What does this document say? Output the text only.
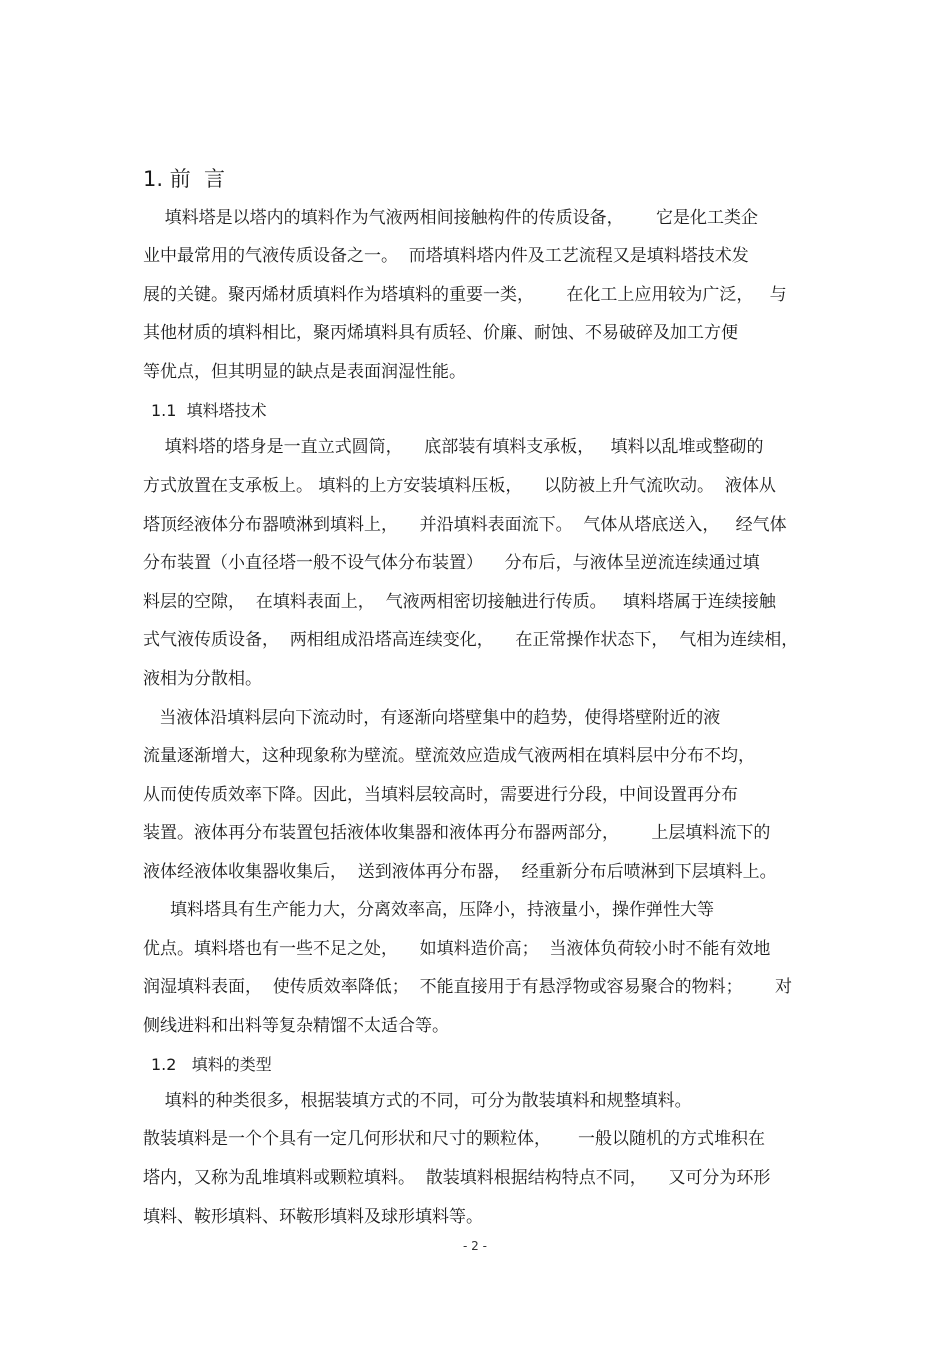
1. 前  言
填料塔是以塔内的填料作为气液两相间接触构件的传质设备，      它是化工类企
业中最常用的气液传质设备之一。  而塔填料塔内件及工艺流程又是填料塔技术发
展的关键。聚丙烯材质填料作为塔填料的重要一类，      在化工上应用较为广泛，   与
其他材质的填料相比，聚丙烯填料具有质轻、价廉、耐蚀、不易破碎及加工方便
等优点，但其明显的缺点是表面润湿性能。
1.1  填料塔技术
填料塔的塔身是一直立式圆筒，    底部装有填料支承板，   填料以乱堆或整砌的
方式放置在支承板上。 填料的上方安装填料压板，    以防被上升气流吹动。  液体从
塔顶经液体分布器喷淋到填料上，    并沿填料表面流下。  气体从塔底送入，   经气体
分布装置（小直径塔一般不设气体分布装置）    分布后，与液体呈逆流连续通过填
料层的空隙，  在填料表面上，  气液两相密切接触进行传质。   填料塔属于连续接触
式气液传质设备，  两相组成沿塔高连续变化，    在正常操作状态下，  气相为连续相，
液相为分散相。
当液体沿填料层向下流动时，有逐渐向塔壁集中的趋势，使得塔壁附近的液
流量逐渐增大，这种现象称为壁流。壁流效应造成气液两相在填料层中分布不均，
从而使传质效率下降。因此，当填料层较高时，需要进行分段，中间设置再分布
装置。液体再分布装置包括液体收集器和液体再分布器两部分，      上层填料流下的
液体经液体收集器收集后，  送到液体再分布器，  经重新分布后喷淋到下层填料上。
填料塔具有生产能力大，分离效率高，压降小，持液量小，操作弹性大等
优点。填料塔也有一些不足之处，    如填料造价高；  当液体负荷较小时不能有效地
润湿填料表面，  使传质效率降低；  不能直接用于有悬浮物或容易聚合的物料；      对
侧线进料和出料等复杂精馏不太适合等。
1.2   填料的类型
填料的种类很多，根据装填方式的不同，可分为散装填料和规整填料。
散装填料是一个个具有一定几何形状和尺寸的颗粒体，     一般以随机的方式堆积在
塔内，又称为乱堆填料或颗粒填料。  散装填料根据结构特点不同，    又可分为环形
填料、鞍形填料、环鞍形填料及球形填料等。
- 2 -
